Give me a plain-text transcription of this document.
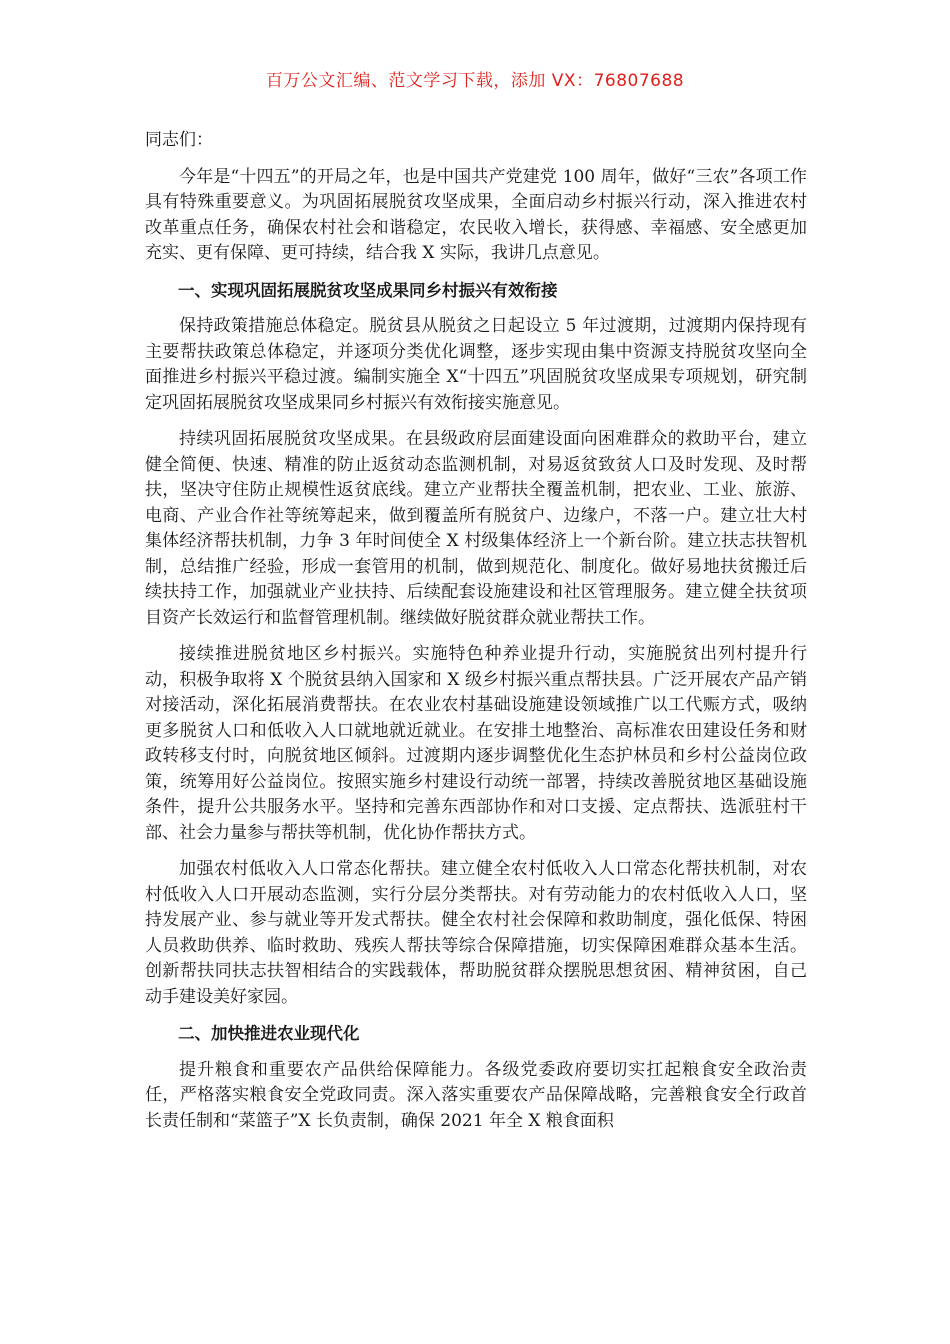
百万公文汇编、范文学习下载，添加 VX：76807688

同志们：

今年是“十四五”的开局之年，也是中国共产党建党 100 周年，做好“三农”各项工作具有特殊重要意义。为巩固拓展脱贫攻坚成果，全面启动乡村振兴行动，深入推进农村改革重点任务，确保农村社会和谐稳定，农民收入增长，获得感、幸福感、安全感更加充实、更有保障、更可持续，结合我 X 实际，我讲几点意见。

一、实现巩固拓展脱贫攻坚成果同乡村振兴有效衔接

保持政策措施总体稳定。脱贫县从脱贫之日起设立 5 年过渡期，过渡期内保持现有主要帮扶政策总体稳定，并逐项分类优化调整，逐步实现由集中资源支持脱贫攻坚向全面推进乡村振兴平稳过渡。编制实施全 X“十四五”巩固脱贫攻坚成果专项规划，研究制定巩固拓展脱贫攻坚成果同乡村振兴有效衔接实施意见。

持续巩固拓展脱贫攻坚成果。在县级政府层面建设面向困难群众的救助平台，建立健全简便、快速、精准的防止返贫动态监测机制，对易返贫致贫人口及时发现、及时帮扶，坚决守住防止规模性返贫底线。建立产业帮扶全覆盖机制，把农业、工业、旅游、电商、产业合作社等统筹起来，做到覆盖所有脱贫户、边缘户，不落一户。建立壮大村集体经济帮扶机制，力争 3 年时间使全 X 村级集体经济上一个新台阶。建立扶志扶智机制，总结推广经验，形成一套管用的机制，做到规范化、制度化。做好易地扶贫搬迁后续扶持工作，加强就业产业扶持、后续配套设施建设和社区管理服务。建立健全扶贫项目资产长效运行和监督管理机制。继续做好脱贫群众就业帮扶工作。

接续推进脱贫地区乡村振兴。实施特色种养业提升行动，实施脱贫出列村提升行动，积极争取将 X 个脱贫县纳入国家和 X 级乡村振兴重点帮扶县。广泛开展农产品产销对接活动，深化拓展消费帮扶。在农业农村基础设施建设领域推广以工代赈方式，吸纳更多脱贫人口和低收入人口就地就近就业。在安排土地整治、高标准农田建设任务和财政转移支付时，向脱贫地区倾斜。过渡期内逐步调整优化生态护林员和乡村公益岗位政策，统筹用好公益岗位。按照实施乡村建设行动统一部署，持续改善脱贫地区基础设施条件，提升公共服务水平。坚持和完善东西部协作和对口支援、定点帮扶、选派驻村干部、社会力量参与帮扶等机制，优化协作帮扶方式。

加强农村低收入人口常态化帮扶。建立健全农村低收入人口常态化帮扶机制，对农村低收入人口开展动态监测，实行分层分类帮扶。对有劳动能力的农村低收入人口，坚持发展产业、参与就业等开发式帮扶。健全农村社会保障和救助制度，强化低保、特困人员救助供养、临时救助、残疾人帮扶等综合保障措施，切实保障困难群众基本生活。创新帮扶同扶志扶智相结合的实践载体，帮助脱贫群众摆脱思想贫困、精神贫困，自己动手建设美好家园。

二、加快推进农业现代化

提升粮食和重要农产品供给保障能力。各级党委政府要切实扛起粮食安全政治责任，严格落实粮食安全党政同责。深入落实重要农产品保障战略，完善粮食安全行政首长责任制和“菜篮子”X 长负责制，确保 2021 年全 X 粮食面积
